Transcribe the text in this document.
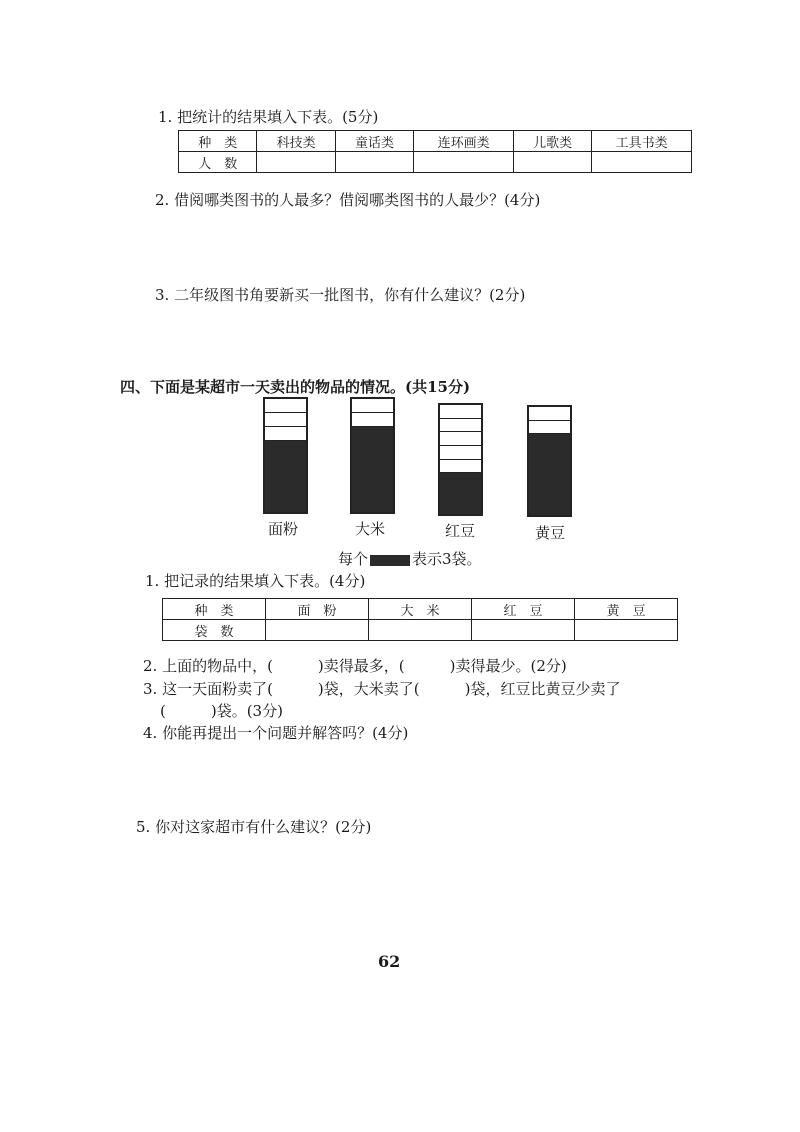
1. 把统计的结果填入下表。(5分)
种　类	科技类	童话类	连环画类	儿歌类	工具书类
人　数					
2. 借阅哪类图书的人最多？借阅哪类图书的人最少？(4分)
3. 二年级图书角要新买一批图书，你有什么建议？(2分)
四、下面是某超市一天卖出的物品的情况。(共15分)
面粉	大米	红豆	黄豆
每个	表示3袋。
1. 把记录的结果填入下表。(4分)
种　类	面　粉	大　米	红　豆	黄　豆
袋　数				
2. 上面的物品中，(　　　)卖得最多，(　　　)卖得最少。(2分)
3. 这一天面粉卖了(　　　)袋，大米卖了(　　　)袋，红豆比黄豆少卖了
(　　　)袋。(3分)
4. 你能再提出一个问题并解答吗？(4分)
5. 你对这家超市有什么建议？(2分)
62
